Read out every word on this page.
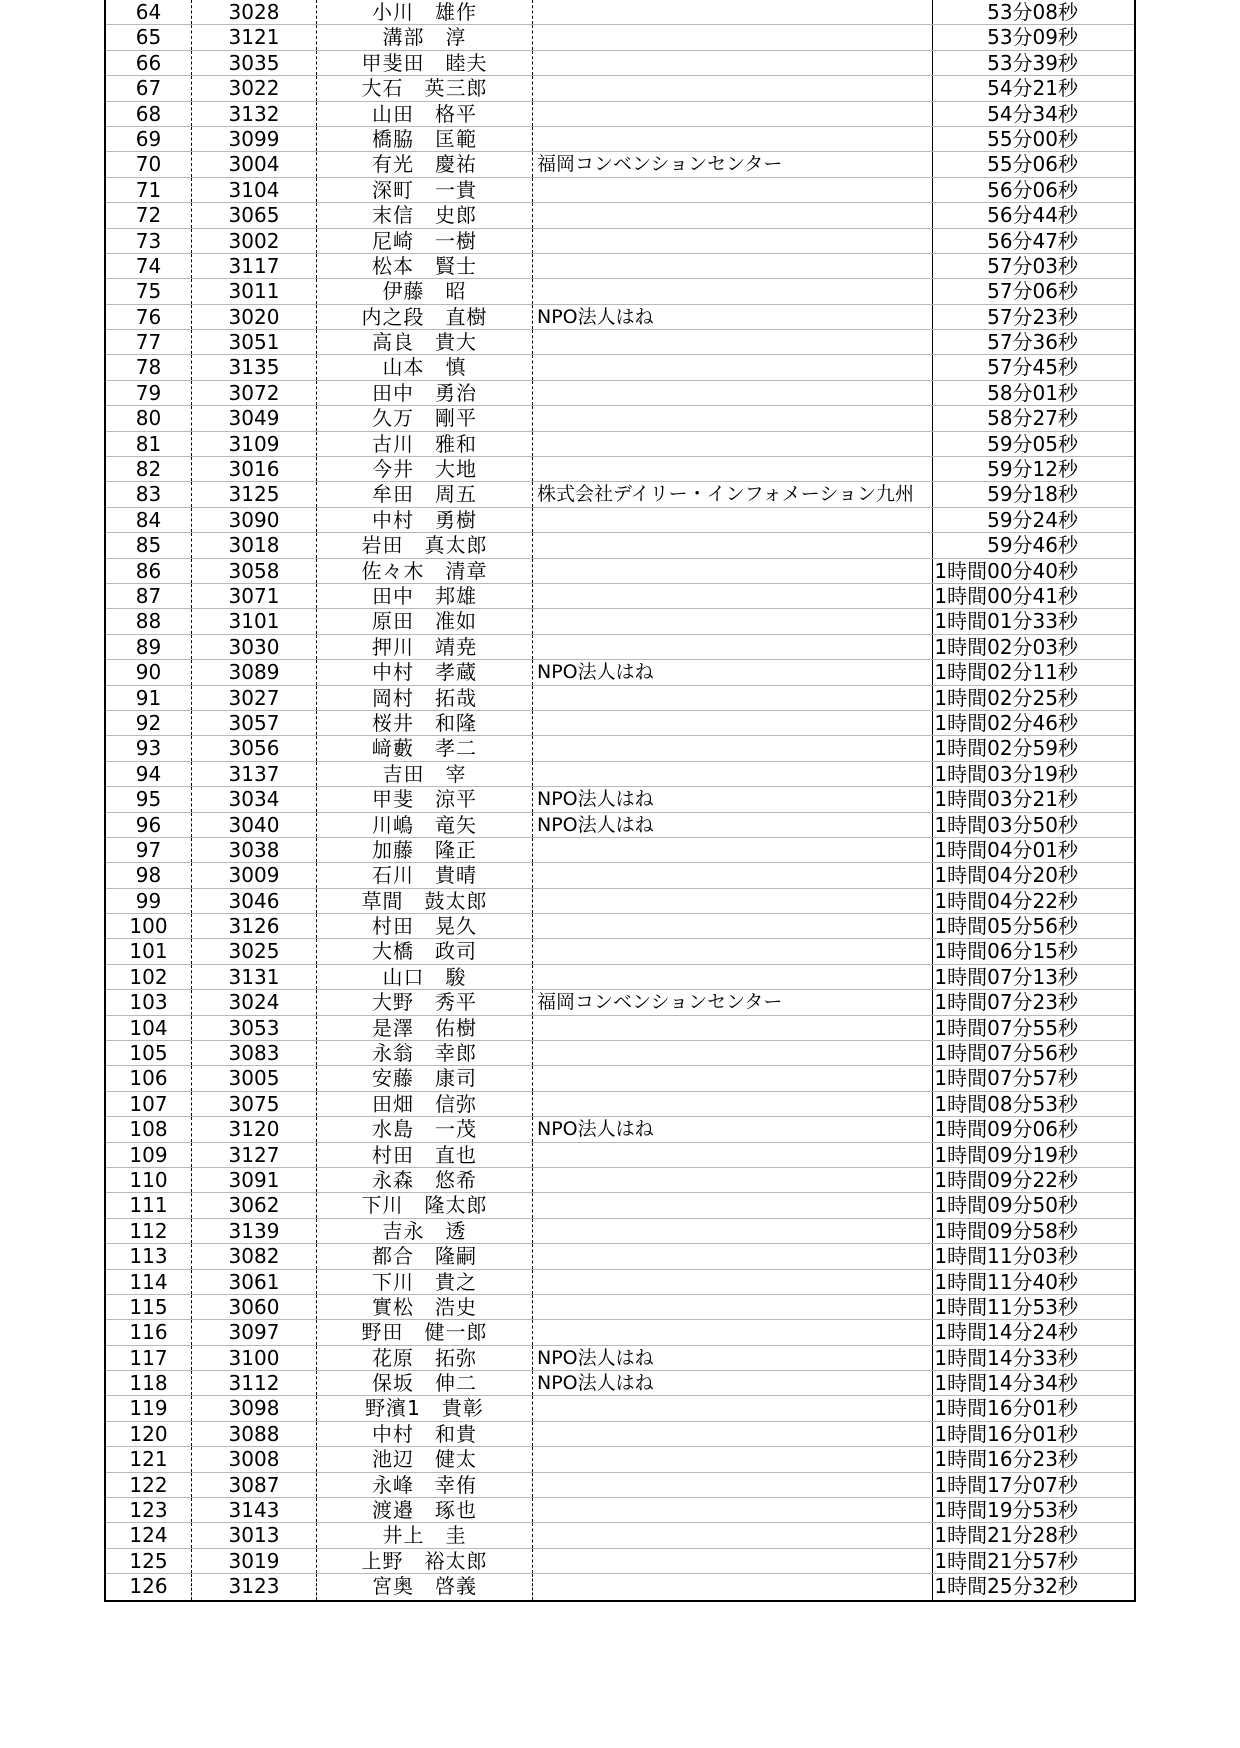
64	3028	小川　雄作	53分08秒
65	3121	溝部　淳	53分09秒
66	3035	甲斐田　睦夫	53分39秒
67	3022	大石　英三郎	54分21秒
68	3132	山田　格平	54分34秒
69	3099	橋脇　匡範	55分00秒
70	3004	有光　慶祐	福岡コンベンションセンター	55分06秒
71	3104	深町　一貴	56分06秒
72	3065	末信　史郎	56分44秒
73	3002	尼崎　一樹	56分47秒
74	3117	松本　賢士	57分03秒
75	3011	伊藤　昭	57分06秒
76	3020	内之段　直樹	NPO法人はね	57分23秒
77	3051	高良　貴大	57分36秒
78	3135	山本　慎	57分45秒
79	3072	田中　勇治	58分01秒
80	3049	久万　剛平	58分27秒
81	3109	古川　雅和	59分05秒
82	3016	今井　大地	59分12秒
83	3125	牟田　周五	株式会社デイリー・インフォメーション九州	59分18秒
84	3090	中村　勇樹	59分24秒
85	3018	岩田　真太郎	59分46秒
86	3058	佐々木　清章	1時間00分40秒
87	3071	田中　邦雄	1時間00分41秒
88	3101	原田　准如	1時間01分33秒
89	3030	押川　靖尭	1時間02分03秒
90	3089	中村　孝蔵	NPO法人はね	1時間02分11秒
91	3027	岡村　拓哉	1時間02分25秒
92	3057	桜井　和隆	1時間02分46秒
93	3056	﨑藪　孝二	1時間02分59秒
94	3137	吉田　宰	1時間03分19秒
95	3034	甲斐　涼平	NPO法人はね	1時間03分21秒
96	3040	川嶋　竜矢	NPO法人はね	1時間03分50秒
97	3038	加藤　隆正	1時間04分01秒
98	3009	石川　貴晴	1時間04分20秒
99	3046	草間　鼓太郎	1時間04分22秒
100	3126	村田　晃久	1時間05分56秒
101	3025	大橋　政司	1時間06分15秒
102	3131	山口　駿	1時間07分13秒
103	3024	大野　秀平	福岡コンベンションセンター	1時間07分23秒
104	3053	是澤　佑樹	1時間07分55秒
105	3083	永翁　幸郎	1時間07分56秒
106	3005	安藤　康司	1時間07分57秒
107	3075	田畑　信弥	1時間08分53秒
108	3120	水島　一茂	NPO法人はね	1時間09分06秒
109	3127	村田　直也	1時間09分19秒
110	3091	永森　悠希	1時間09分22秒
111	3062	下川　隆太郎	1時間09分50秒
112	3139	吉永　透	1時間09分58秒
113	3082	都合　隆嗣	1時間11分03秒
114	3061	下川　貴之	1時間11分40秒
115	3060	實松　浩史	1時間11分53秒
116	3097	野田　健一郎	1時間14分24秒
117	3100	花原　拓弥	NPO法人はね	1時間14分33秒
118	3112	保坂　伸二	NPO法人はね	1時間14分34秒
119	3098	野濱1　貴彰	1時間16分01秒
120	3088	中村　和貴	1時間16分01秒
121	3008	池辺　健太	1時間16分23秒
122	3087	永峰　幸侑	1時間17分07秒
123	3143	渡邉　琢也	1時間19分53秒
124	3013	井上　圭	1時間21分28秒
125	3019	上野　裕太郎	1時間21分57秒
126	3123	宮奥　啓義	1時間25分32秒
